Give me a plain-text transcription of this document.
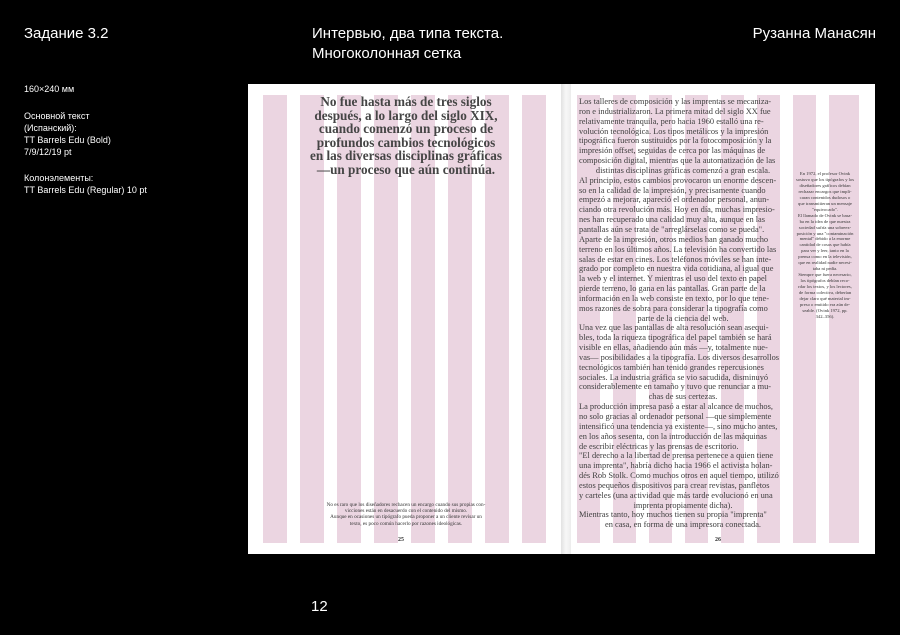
Задание 3.2	Интервью, два типа текста.
Многоколонная сетка
Рузанна Манасян
160×240 мм
Основной текст
(Испанский):
TT Barrels Edu (Bold)
7/9/12/19 pt
Колонэлементы:
TT Barrels Edu (Regular) 10 pt
No fue hasta más de tres siglos
después, a lo largo del siglo XIX,
cuando comenzó un proceso de
profundos cambios tecnológicos
en las diversas disciplinas gráficas
—un proceso que aún continúa.
No es raro que los diseñadores rechacen un encargo cuando sus propias con-
vicciones están en desacuerdo con el contenido del mismo.
Aunque en ocasiones un tipógrafo pueda proponer a un cliente revisar un
texto, es poco común hacerlo por razones ideológicas.
25	26
Los talleres de composición y las imprentas se mecaniza-
ron e industrializaron. La primera mitad del siglo XX fue
relativamente tranquila, pero hacia 1960 estalló una re-
volución tecnológica. Los tipos metálicos y la impresión
tipográfica fueron sustituidos por la fotocomposición y la
impresión offset, seguidas de cerca por las máquinas de
composición digital, mientras que la automatización de las
distintas disciplinas gráficas comenzó a gran escala.
Al principio, estos cambios provocaron un enorme descen-
so en la calidad de la impresión, y precisamente cuando
empezó a mejorar, apareció el ordenador personal, anun-
ciando otra revolución más. Hoy en día, muchas impresio-
nes han recuperado una calidad muy alta, aunque en las
pantallas aún se trata de "arreglárselas como se pueda".
Aparte de la impresión, otros medios han ganado mucho
terreno en los últimos años. La televisión ha convertido las
salas de estar en cines. Los teléfonos móviles se han inte-
grado por completo en nuestra vida cotidiana, al igual que
la web y el internet. Y mientras el uso del texto en papel
pierde terreno, lo gana en las pantallas. Gran parte de la
información en la web consiste en texto, por lo que tene-
mos razones de sobra para considerar la tipografía como
parte de la ciencia del web.
Una vez que las pantallas de alta resolución sean asequi-
bles, toda la riqueza tipográfica del papel también se hará
visible en ellas, añadiendo aún más —y, totalmente nue-
vas— posibilidades a la tipografía. Los diversos desarrollos
tecnológicos también han tenido grandes repercusiones
sociales. La industria gráfica se vio sacudida, disminuyó
considerablemente en tamaño y tuvo que renunciar a mu-
chas de sus certezas.
La producción impresa pasó a estar al alcance de muchos,
no solo gracias al ordenador personal —que simplemente
intensificó una tendencia ya existente—, sino mucho antes,
en los años sesenta, con la introducción de las máquinas
de escribir eléctricas y las prensas de escritorio.
"El derecho a la libertad de prensa pertenece a quien tiene
una imprenta", habría dicho hacia 1966 el activista holan-
dés Rob Stolk. Como muchos otros en aquel tiempo, utilizó
estos pequeños dispositivos para crear revistas, panfletos
y carteles (una actividad que más tarde evolucionó en una
imprenta propiamente dicha).
Mientras tanto, hoy muchos tienen su propia "imprenta"
en casa, en forma de una impresora conectada.
En 1972, el profesor Ovink
sostuvo que los tipógrafos y los
diseñadores gráficos debían
rechazar encargos que impli-
caran contenidos dudosos o
que transmitieran un mensaje
"equivocado".
El llamado de Ovink se basa-
ba en la idea de que nuestra
sociedad sufría una sobreex-
posición y una "contaminación
mental" debido a la enorme
cantidad de cosas que había
para ver y leer, tanto en la
prensa como en la televisión,
que en realidad nadie necesi-
taba ni pedía.
Siempre que fuera necesario,
los tipógrafos debían reco-
rdar los textos, y los lectores,
de forma colectiva, deberían
dejar claro qué material im-
preso o emitido era aún de-
seable. (Ovink 1972, pp.
342–356).
12
